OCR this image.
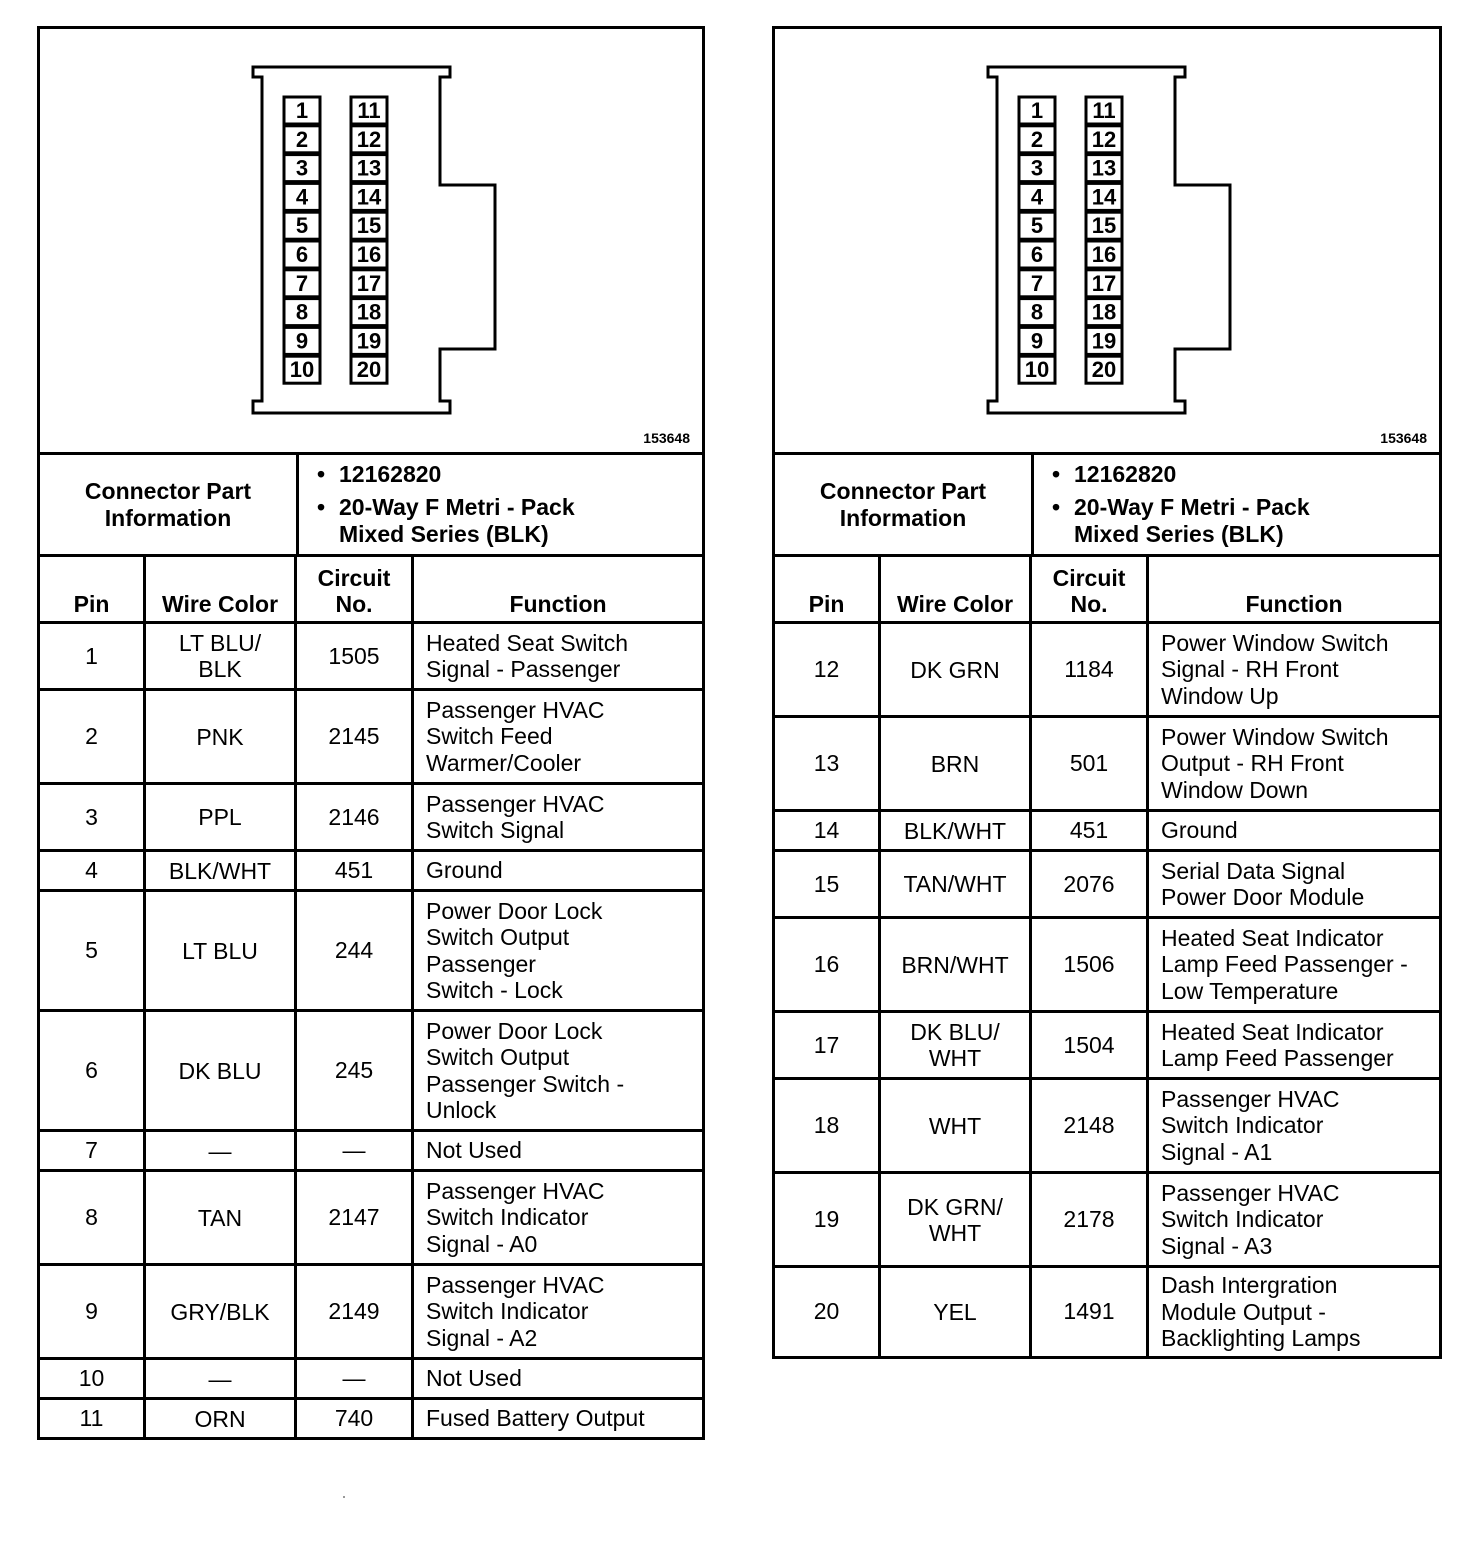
1
2
3
4
5
6
7
8
9
10
11
12
13
14
15
16
17
18
19
20
153648
Connector Part
Information	
• 12162820
• 20-Way F Metri - Pack
Mixed Series (BLK)
Pin	Wire Color	Circuit
No.	Function
1	LT BLU/
BLK	1505	Heated Seat Switch
Signal - Passenger
2	PNK	2145	Passenger HVAC
Switch Feed
Warmer/Cooler
3	PPL	2146	Passenger HVAC
Switch Signal
4	BLK/WHT	451	Ground
5	LT BLU	244	Power Door Lock
Switch Output
Passenger
Switch - Lock
6	DK BLU	245	Power Door Lock
Switch Output
Passenger Switch -
Unlock
7	—	—	Not Used
8	TAN	2147	Passenger HVAC
Switch Indicator
Signal - A0
9	GRY/BLK	2149	Passenger HVAC
Switch Indicator
Signal - A2
10	—	—	Not Used
11	ORN	740	Fused Battery Output
1
2
3
4
5
6
7
8
9
10
11
12
13
14
15
16
17
18
19
20
153648
Connector Part
Information	
• 12162820
• 20-Way F Metri - Pack
Mixed Series (BLK)
Pin	Wire Color	Circuit
No.	Function
12	DK GRN	1184	Power Window Switch
Signal - RH Front
Window Up
13	BRN	501	Power Window Switch
Output - RH Front
Window Down
14	BLK/WHT	451	Ground
15	TAN/WHT	2076	Serial Data Signal
Power Door Module
16	BRN/WHT	1506	Heated Seat Indicator
Lamp Feed Passenger -
Low Temperature
17	DK BLU/
WHT	1504	Heated Seat Indicator
Lamp Feed Passenger
18	WHT	2148	Passenger HVAC
Switch Indicator
Signal - A1
19	DK GRN/
WHT	2178	Passenger HVAC
Switch Indicator
Signal - A3
20	YEL	1491	Dash Intergration
Module Output -
Backlighting Lamps
